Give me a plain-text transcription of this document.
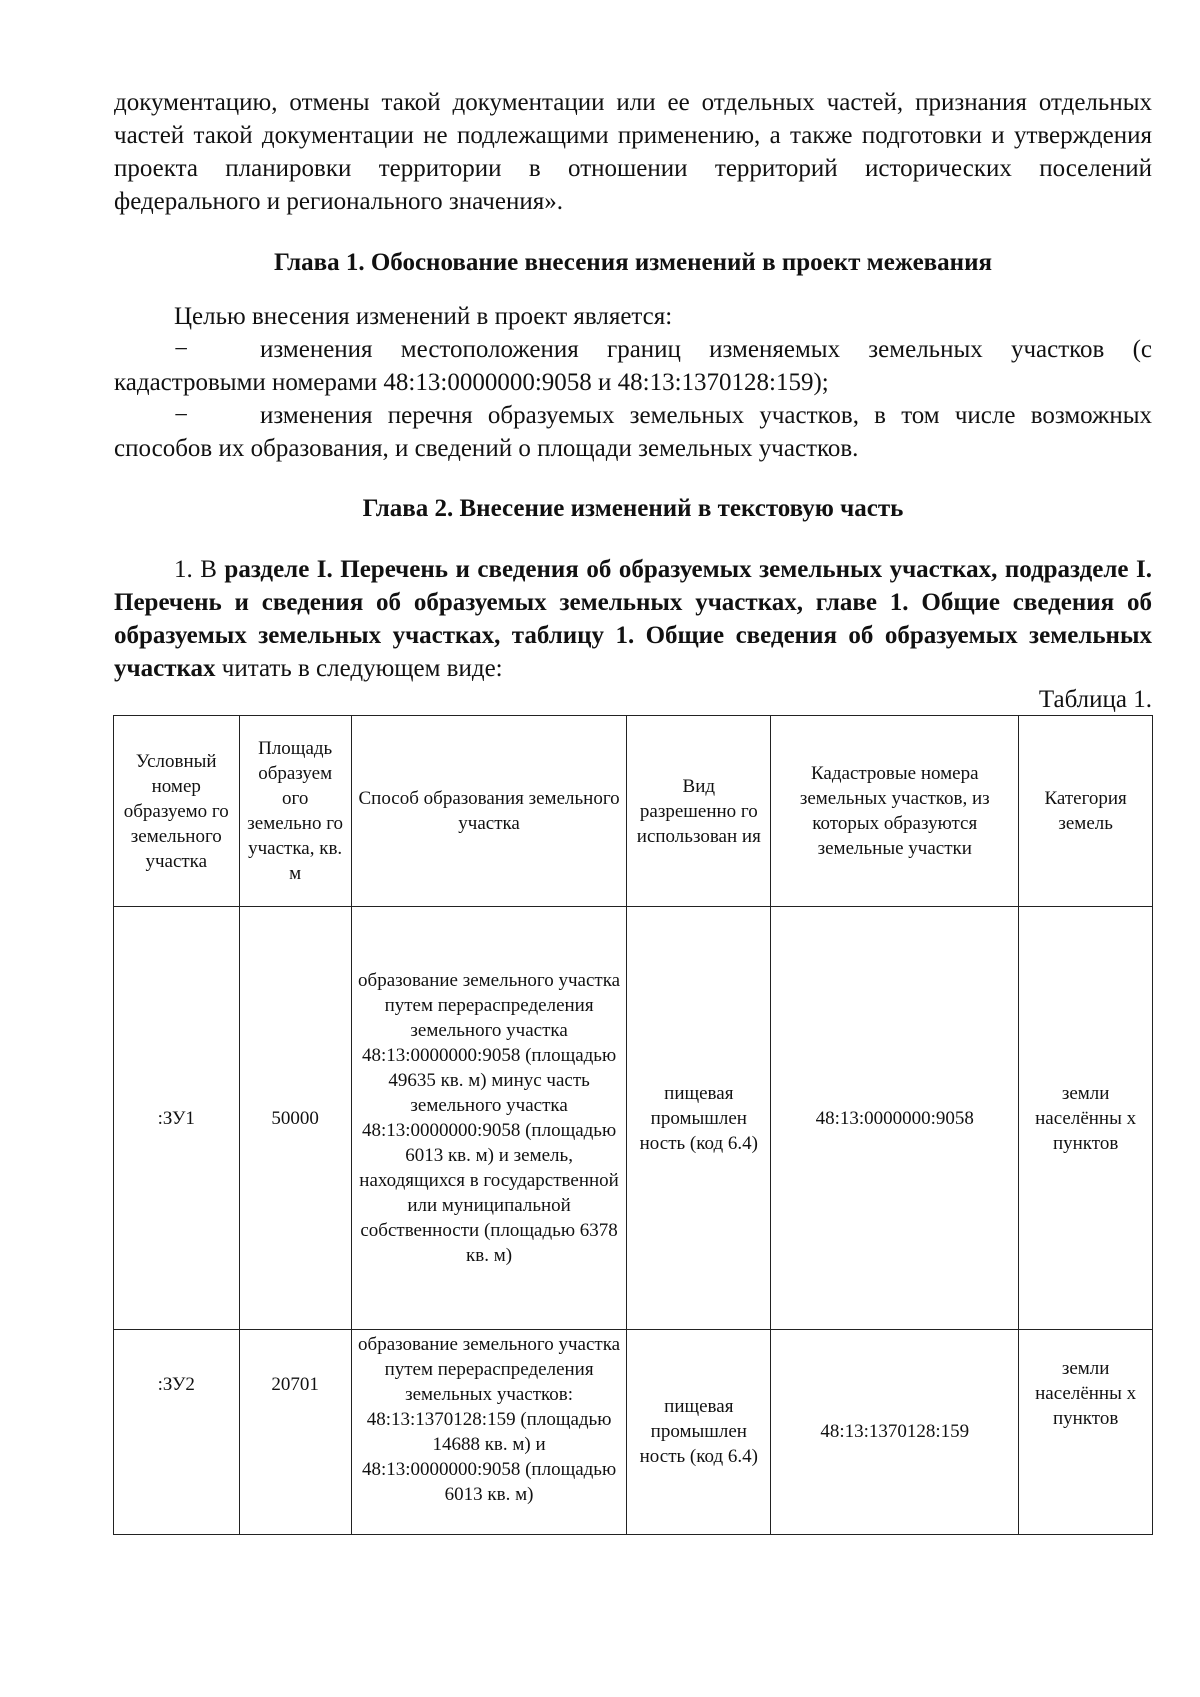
документацию, отмены такой документации или ее отдельных частей, признания отдельных частей такой документации не подлежащими применению, а также подготовки и утверждения проекта планировки территории в отношении территорий исторических поселений федерального и регионального значения».

Глава 1. Обоснование внесения изменений в проект межевания

Целью внесения изменений в проект является:

−	изменения местоположения границ изменяемых земельных участков (с кадастровыми номерами 48:13:0000000:9058 и 48:13:1370128:159);

−	изменения перечня образуемых земельных участков, в том числе возможных способов их образования, и сведений о площади земельных участков.

Глава 2. Внесение изменений в текстовую часть

1. В разделе I. Перечень и сведения об образуемых земельных участках, подразделе I. Перечень и сведения об образуемых земельных участках, главе 1. Общие сведения об образуемых земельных участках, таблицу 1. Общие сведения об образуемых земельных участках читать в следующем виде:

Таблица 1.

Условный номер образуемо го земельного участка	Площадь образуем ого земельно го участка, кв. м	Способ образования земельного участка	Вид разрешенно го использован ия	Кадастровые номера земельных участков, из которых образуются земельные участки	Категория земель
:ЗУ1	50000	образование земельного участка путем перераспределения земельного участка 48:13:0000000:9058 (площадью 49635 кв. м) минус часть земельного участка 48:13:0000000:9058 (площадью 6013 кв. м) и земель, находящихся в государственной или муниципальной собственности (площадью 6378 кв. м)	пищевая промышлен ность (код 6.4)	48:13:0000000:9058	земли населённы х пунктов

:ЗУ2	20701	образование земельного участка путем перераспределения земельных участков: 48:13:1370128:159 (площадью 14688 кв. м) и 48:13:0000000:9058 (площадью 6013 кв. м)	пищевая промышлен ность (код 6.4)	48:13:1370128:159	земли населённы х пунктов
